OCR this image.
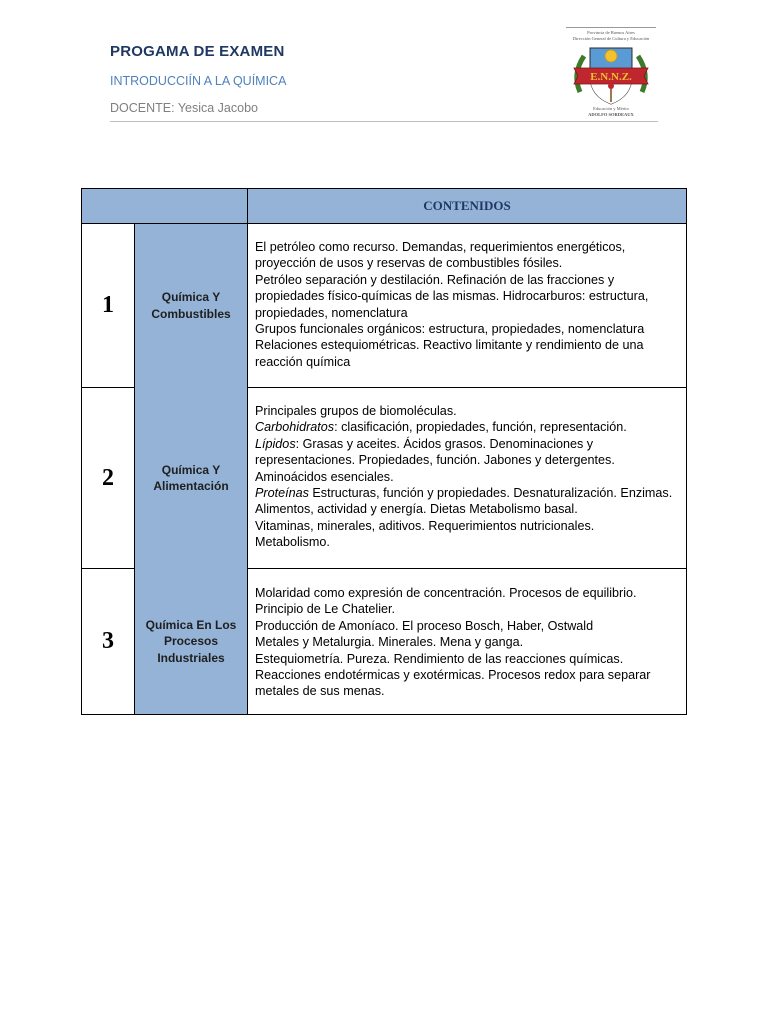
PROGAMA DE EXAMEN
INTRODUCCIÍN A LA QUÍMICA
DOCENTE: Yesica Jacobo
Provincia de Buenos Aires
Dirección General de Cultura y Educación
E.N.N.Z.
Educación y Mérito
ADOLFO SORDEAUX
CONTENIDOS
1	Química Y Combustibles
El petróleo como recurso. Demandas, requerimientos energéticos,
proyección de usos y reservas de combustibles fósiles.
Petróleo separación y destilación. Refinación de las fracciones y
propiedades físico-químicas de las mismas. Hidrocarburos: estructura,
propiedades, nomenclatura
Grupos funcionales orgánicos: estructura, propiedades, nomenclatura
Relaciones estequiométricas. Reactivo limitante y rendimiento de una
reacción química
2	Química Y Alimentación
Principales grupos de biomoléculas.
Carbohidratos: clasificación, propiedades, función, representación.
Lípidos: Grasas y aceites. Ácidos grasos. Denominaciones y
representaciones. Propiedades, función. Jabones y detergentes.
Aminoácidos esenciales.
Proteínas Estructuras, función y propiedades. Desnaturalización. Enzimas.
Alimentos, actividad y energía. Dietas Metabolismo basal.
Vitaminas, minerales, aditivos. Requerimientos nutricionales.
Metabolismo.
3
Química En Los Procesos Industriales
Molaridad como expresión de concentración. Procesos de equilibrio.
Principio de Le Chatelier.
Producción de Amoníaco. El proceso Bosch, Haber, Ostwald
Metales y Metalurgia. Minerales. Mena y ganga.
Estequiometría. Pureza. Rendimiento de las reacciones químicas.
Reacciones endotérmicas y exotérmicas. Procesos redox para separar
metales de sus menas.
